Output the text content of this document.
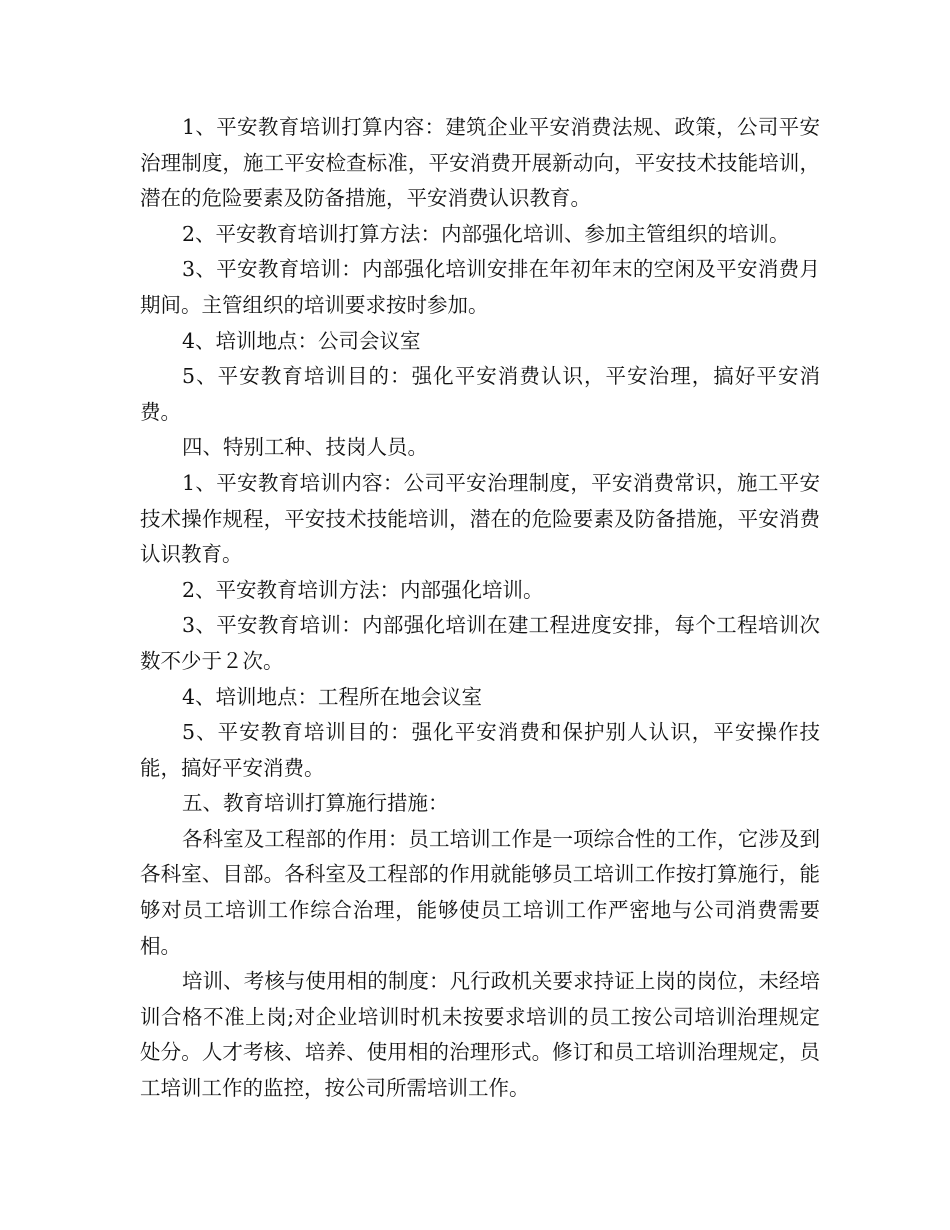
1、平安教育培训打算内容：建筑企业平安消费法规、政策，公司平安治理制度，施工平安检查标准，平安消费开展新动向，平安技术技能培训，潜在的危险要素及防备措施，平安消费认识教育。

2、平安教育培训打算方法：内部强化培训、参加主管组织的培训。

3、平安教育培训：内部强化培训安排在年初年末的空闲及平安消费月期间。主管组织的培训要求按时参加。

4、培训地点：公司会议室

5、平安教育培训目的：强化平安消费认识，平安治理，搞好平安消费。

四、特别工种、技岗人员。

1、平安教育培训内容：公司平安治理制度，平安消费常识，施工平安技术操作规程，平安技术技能培训，潜在的危险要素及防备措施，平安消费认识教育。

2、平安教育培训方法：内部强化培训。

3、平安教育培训：内部强化培训在建工程进度安排，每个工程培训次数不少于２次。

4、培训地点：工程所在地会议室

5、平安教育培训目的：强化平安消费和保护别人认识，平安操作技能，搞好平安消费。

五、教育培训打算施行措施：

各科室及工程部的作用：员工培训工作是一项综合性的工作，它涉及到各科室、目部。各科室及工程部的作用就能够员工培训工作按打算施行，能够对员工培训工作综合治理，能够使员工培训工作严密地与公司消费需要相。

培训、考核与使用相的制度：凡行政机关要求持证上岗的岗位，未经培训合格不准上岗;对企业培训时机未按要求培训的员工按公司培训治理规定处分。人才考核、培养、使用相的治理形式。修订和员工培训治理规定，员工培训工作的监控，按公司所需培训工作。
